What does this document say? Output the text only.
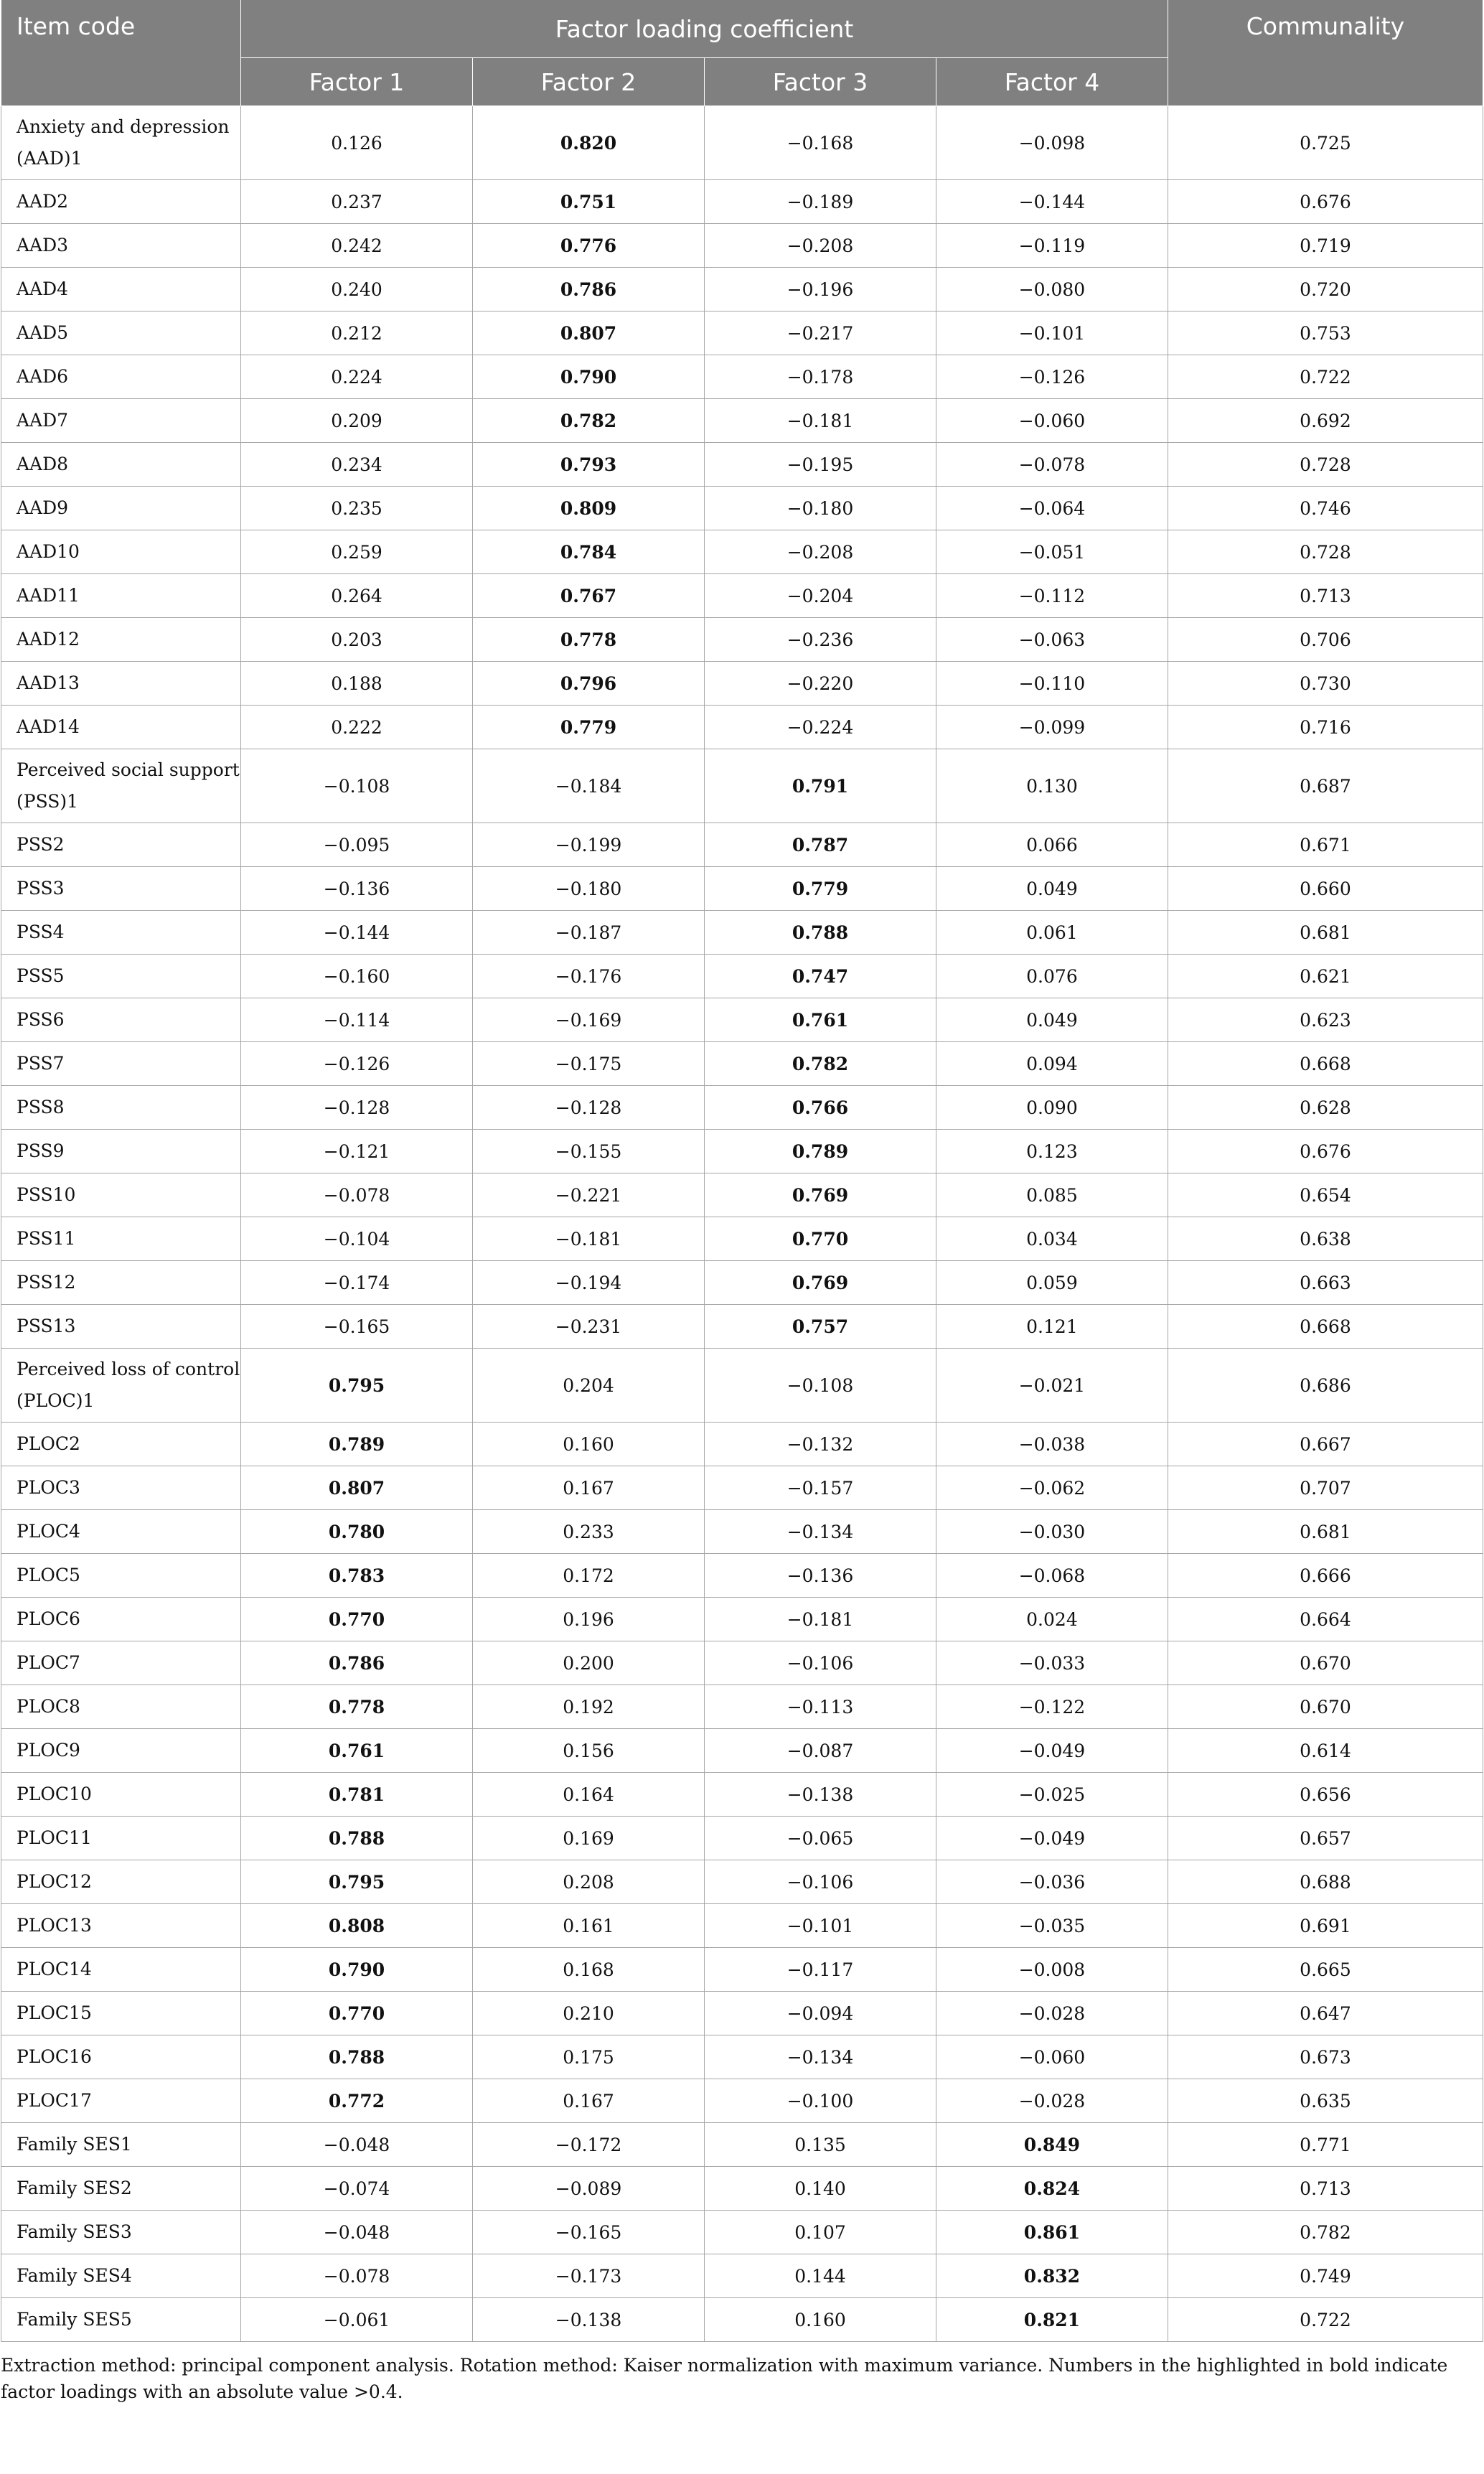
Item code	Factor loading coefficient				Communality
	Factor 1	Factor 2	Factor 3	Factor 4	
Anxiety and depression (AAD)1	0.126	0.820	−0.168	−0.098	0.725
AAD2	0.237	0.751	−0.189	−0.144	0.676
AAD3	0.242	0.776	−0.208	−0.119	0.719
AAD4	0.240	0.786	−0.196	−0.080	0.720
AAD5	0.212	0.807	−0.217	−0.101	0.753
AAD6	0.224	0.790	−0.178	−0.126	0.722
AAD7	0.209	0.782	−0.181	−0.060	0.692
AAD8	0.234	0.793	−0.195	−0.078	0.728
AAD9	0.235	0.809	−0.180	−0.064	0.746
AAD10	0.259	0.784	−0.208	−0.051	0.728
AAD11	0.264	0.767	−0.204	−0.112	0.713
AAD12	0.203	0.778	−0.236	−0.063	0.706
AAD13	0.188	0.796	−0.220	−0.110	0.730
AAD14	0.222	0.779	−0.224	−0.099	0.716
Perceived social support (PSS)1	−0.108	−0.184	0.791	0.130	0.687
PSS2	−0.095	−0.199	0.787	0.066	0.671
PSS3	−0.136	−0.180	0.779	0.049	0.660
PSS4	−0.144	−0.187	0.788	0.061	0.681
PSS5	−0.160	−0.176	0.747	0.076	0.621
PSS6	−0.114	−0.169	0.761	0.049	0.623
PSS7	−0.126	−0.175	0.782	0.094	0.668
PSS8	−0.128	−0.128	0.766	0.090	0.628
PSS9	−0.121	−0.155	0.789	0.123	0.676
PSS10	−0.078	−0.221	0.769	0.085	0.654
PSS11	−0.104	−0.181	0.770	0.034	0.638
PSS12	−0.174	−0.194	0.769	0.059	0.663
PSS13	−0.165	−0.231	0.757	0.121	0.668
Perceived loss of control (PLOC)1	0.795	0.204	−0.108	−0.021	0.686
PLOC2	0.789	0.160	−0.132	−0.038	0.667
PLOC3	0.807	0.167	−0.157	−0.062	0.707
PLOC4	0.780	0.233	−0.134	−0.030	0.681
PLOC5	0.783	0.172	−0.136	−0.068	0.666
PLOC6	0.770	0.196	−0.181	0.024	0.664
PLOC7	0.786	0.200	−0.106	−0.033	0.670
PLOC8	0.778	0.192	−0.113	−0.122	0.670
PLOC9	0.761	0.156	−0.087	−0.049	0.614
PLOC10	0.781	0.164	−0.138	−0.025	0.656
PLOC11	0.788	0.169	−0.065	−0.049	0.657
PLOC12	0.795	0.208	−0.106	−0.036	0.688
PLOC13	0.808	0.161	−0.101	−0.035	0.691
PLOC14	0.790	0.168	−0.117	−0.008	0.665
PLOC15	0.770	0.210	−0.094	−0.028	0.647
PLOC16	0.788	0.175	−0.134	−0.060	0.673
PLOC17	0.772	0.167	−0.100	−0.028	0.635
Family SES1	−0.048	−0.172	0.135	0.849	0.771
Family SES2	−0.074	−0.089	0.140	0.824	0.713
Family SES3	−0.048	−0.165	0.107	0.861	0.782
Family SES4	−0.078	−0.173	0.144	0.832	0.749
Family SES5	−0.061	−0.138	0.160	0.821	0.722
Extraction method: principal component analysis. Rotation method: Kaiser normalization with maximum variance. Numbers in the highlighted in bold indicate factor loadings with an absolute value >0.4.
